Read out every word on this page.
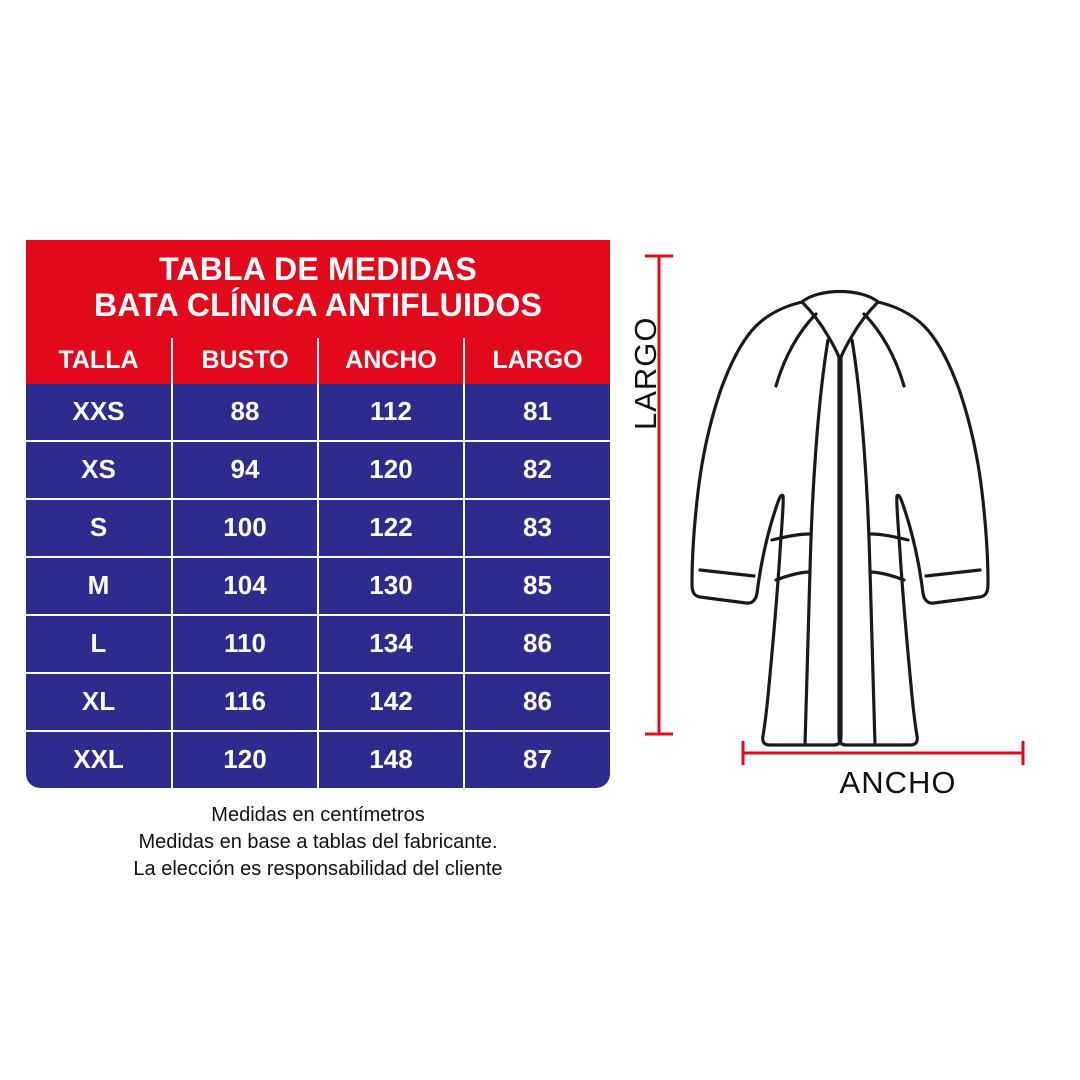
TABLA DE MEDIDAS
BATA CLÍNICA ANTIFLUIDOS
TALLA	BUSTO	ANCHO	LARGO
XXS	88	112	81
XS	94	120	82
S	100	122	83
M	104	130	85
L	110	134	86
XL	116	142	86
XXL	120	148	87
Medidas en centímetros
Medidas en base a tablas del fabricante.
La elección es responsabilidad del cliente
LARGO
ANCHO
